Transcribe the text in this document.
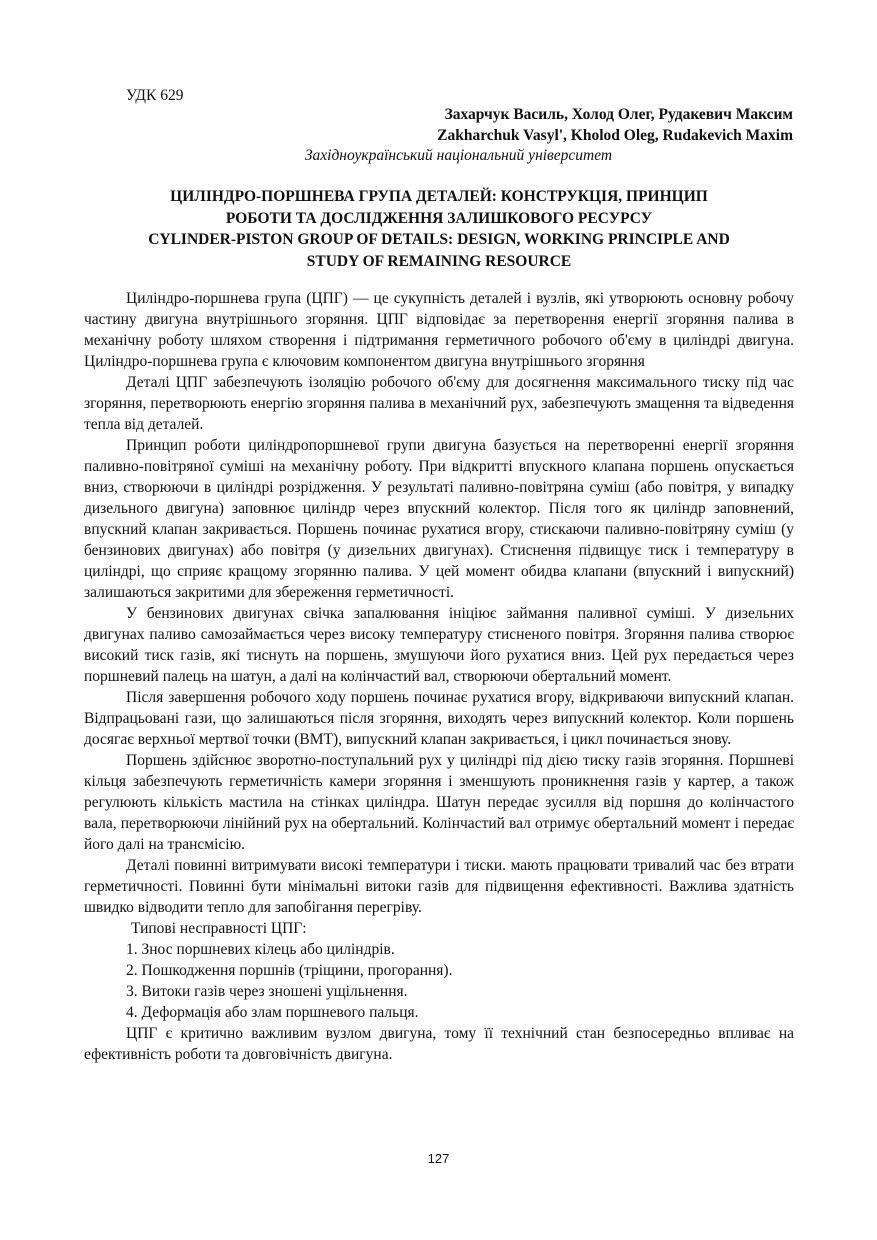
УДК 629
Захарчук Василь, Холод Олег, Рудакевич Максим
Zakharchuk Vasyl', Kholod Oleg, Rudakevich Maxim
Західноукраїнський національний університет
ЦИЛІНДРО-ПОРШНЕВА ГРУПА ДЕТАЛЕЙ: КОНСТРУКЦІЯ, ПРИНЦИП
РОБОТИ ТА ДОСЛІДЖЕННЯ ЗАЛИШКОВОГО РЕСУРСУ
CYLINDER-PISTON GROUP OF DETAILS: DESIGN, WORKING PRINCIPLE AND
STUDY OF REMAINING RESOURCE

Циліндро-поршнева група (ЦПГ) — це сукупність деталей і вузлів, які утворюють основну робочу частину двигуна внутрішнього згоряння. ЦПГ відповідає за перетворення енергії згоряння палива в механічну роботу шляхом створення і підтримання герметичного робочого об'єму в циліндрі двигуна. Циліндро-поршнева група є ключовим компонентом двигуна внутрішнього згоряння

Деталі ЦПГ забезпечують ізоляцію робочого об'єму для досягнення максимального тиску під час згоряння, перетворюють енергію згоряння палива в механічний рух, забезпечують змащення та відведення тепла від деталей.

Принцип роботи циліндропоршневої групи двигуна базується на перетворенні енергії згоряння паливно-повітряної суміші на механічну роботу. При відкритті впускного клапана поршень опускається вниз, створюючи в циліндрі розрідження. У результаті паливно-повітряна суміш (або повітря, у випадку дизельного двигуна) заповнює циліндр через впускний колектор. Після того як циліндр заповнений, впускний клапан закривається. Поршень починає рухатися вгору, стискаючи паливно-повітряну суміш (у бензинових двигунах) або повітря (у дизельних двигунах). Стиснення підвищує тиск і температуру в циліндрі, що сприяє кращому згорянню палива. У цей момент обидва клапани (впускний і випускний) залишаються закритими для збереження герметичності.

У бензинових двигунах свічка запалювання ініціює займання паливної суміші. У дизельних двигунах паливо самозаймається через високу температуру стисненого повітря. Згоряння палива створює високий тиск газів, які тиснуть на поршень, змушуючи його рухатися вниз. Цей рух передається через поршневий палець на шатун, а далі на колінчастий вал, створюючи обертальний момент.

Після завершення робочого ходу поршень починає рухатися вгору, відкриваючи випускний клапан. Відпрацьовані гази, що залишаються після згоряння, виходять через випускний колектор. Коли поршень досягає верхньої мертвої точки (ВМТ), випускний клапан закривається, і цикл починається знову.

Поршень здійснює зворотно-поступальний рух у циліндрі під дією тиску газів згоряння. Поршневі кільця забезпечують герметичність камери згоряння і зменшують проникнення газів у картер, а також регулюють кількість мастила на стінках циліндра. Шатун передає зусилля від поршня до колінчастого вала, перетворюючи лінійний рух на обертальний. Колінчастий вал отримує обертальний момент і передає його далі на трансмісію.

Деталі повинні витримувати високі температури і тиски. мають працювати тривалий час без втрати герметичності. Повинні бути мінімальні витоки газів для підвищення ефективності. Важлива здатність швидко відводити тепло для запобігання перегріву.

Типові несправності ЦПГ:

1. Знос поршневих кілець або циліндрів.

2. Пошкодження поршнів (тріщини, прогорання).

3. Витоки газів через зношені ущільнення.

4. Деформація або злам поршневого пальця.

ЦПГ є критично важливим вузлом двигуна, тому її технічний стан безпосередньо впливає на ефективність роботи та довговічність двигуна.

127
